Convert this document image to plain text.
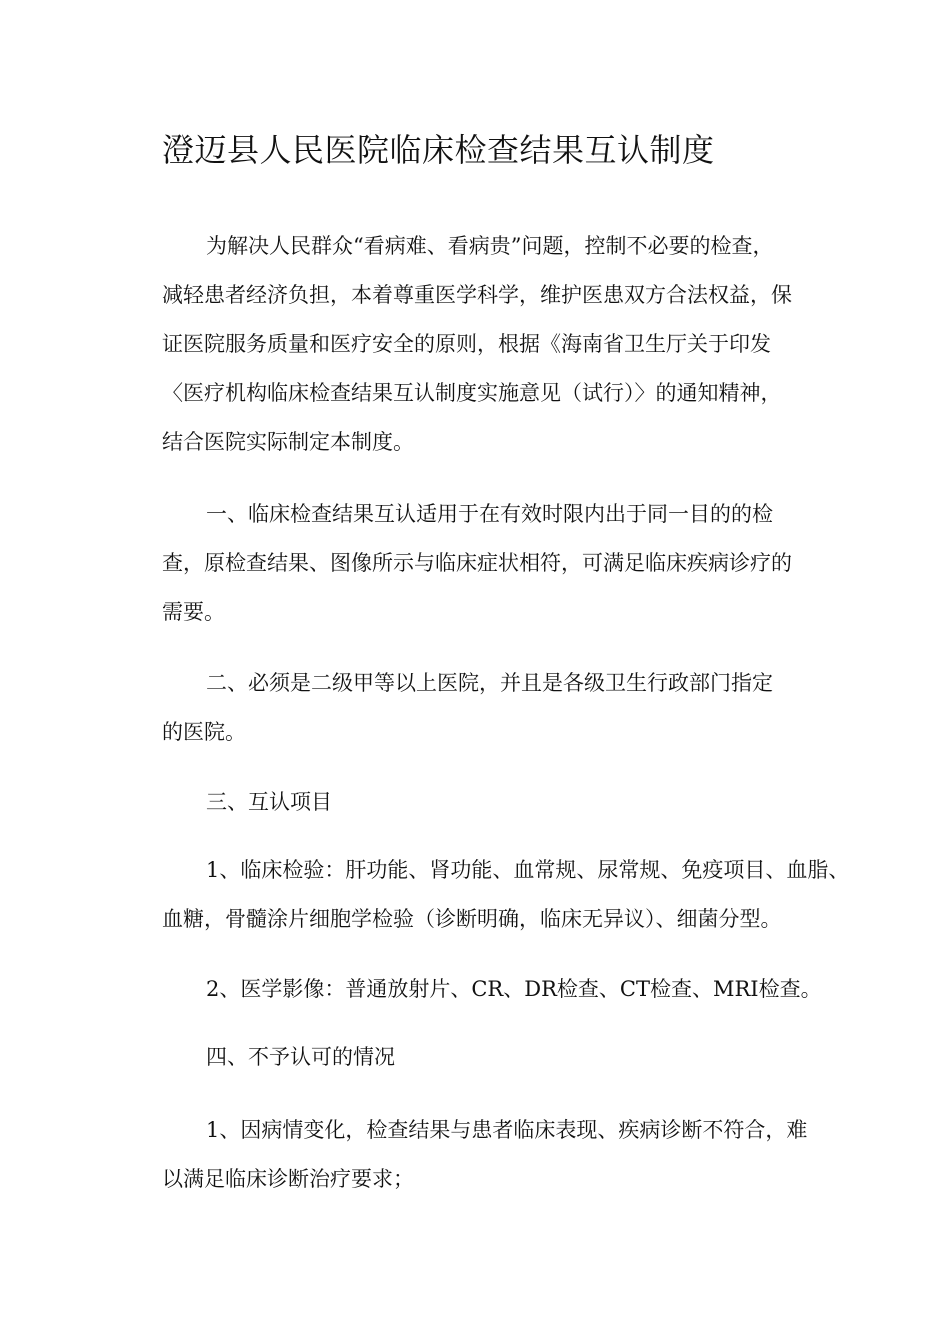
澄迈县人民医院临床检查结果互认制度

为解决人民群众“看病难、看病贵”问题，控制不必要的检查，
减轻患者经济负担，本着尊重医学科学，维护医患双方合法权益，保
证医院服务质量和医疗安全的原则，根据《海南省卫生厅关于印发
〈医疗机构临床检查结果互认制度实施意见（试行）〉的通知精神，
结合医院实际制定本制度。

一、临床检查结果互认适用于在有效时限内出于同一目的的检
查，原检查结果、图像所示与临床症状相符，可满足临床疾病诊疗的
需要。

二、必须是二级甲等以上医院，并且是各级卫生行政部门指定
的医院。

三、互认项目

1、临床检验：肝功能、肾功能、血常规、尿常规、免疫项目、血脂、
血糖，骨髓涂片细胞学检验（诊断明确，临床无异议）、细菌分型。

2、医学影像：普通放射片、CR、DR检查、CT检查、MRI检查。

四、不予认可的情况

1、因病情变化，检查结果与患者临床表现、疾病诊断不符合，难
以满足临床诊断治疗要求；
